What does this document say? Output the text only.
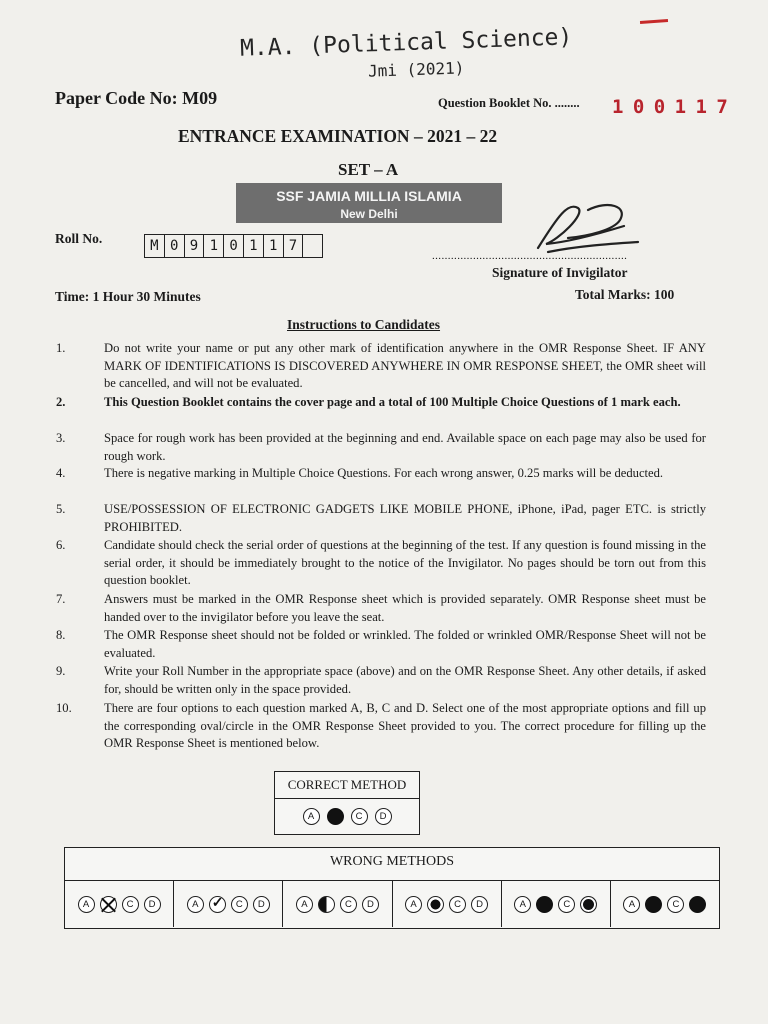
M.A. (Political Science)
Jmi (2021)
Paper Code No: M09	Question Booklet No. ........ 1 0 0 1 1 7
ENTRANCE EXAMINATION – 2021 – 22
SET – A
SSF JAMIA MILLIA ISLAMIA
New Delhi
Roll No.	M 0 9 1 0 1 1 7
..............................................................
Signature of Invigilator
Time: 1 Hour 30 Minutes	Total Marks: 100
Instructions to Candidates
1.	Do not write your name or put any other mark of identification anywhere in the OMR Response Sheet. IF ANY MARK OF IDENTIFICATIONS IS DISCOVERED ANYWHERE IN OMR RESPONSE SHEET, the OMR sheet will be cancelled, and will not be evaluated.
2.	This Question Booklet contains the cover page and a total of 100 Multiple Choice Questions of 1 mark each.
3.	Space for rough work has been provided at the beginning and end. Available space on each page may also be used for rough work.
4.	There is negative marking in Multiple Choice Questions. For each wrong answer, 0.25 marks will be deducted.
5.	USE/POSSESSION OF ELECTRONIC GADGETS LIKE MOBILE PHONE, iPhone, iPad, pager ETC. is strictly PROHIBITED.
6.	Candidate should check the serial order of questions at the beginning of the test. If any question is found missing in the serial order, it should be immediately brought to the notice of the Invigilator. No pages should be torn out from this question booklet.
7.	Answers must be marked in the OMR Response sheet which is provided separately. OMR Response sheet must be handed over to the invigilator before you leave the seat.
8.	The OMR Response sheet should not be folded or wrinkled. The folded or wrinkled OMR/Response Sheet will not be evaluated.
9.	Write your Roll Number in the appropriate space (above) and on the OMR Response Sheet. Any other details, if asked for, should be written only in the space provided.
10.	There are four options to each question marked A, B, C and D. Select one of the most appropriate options and fill up the corresponding oval/circle in the OMR Response Sheet provided to you. The correct procedure for filling up the OMR Response Sheet is mentioned below.
CORRECT METHOD
A	C	D
WRONG METHODS
A	C	D	A
✓	C	D	A	C	D	A	C	D	A	C	A	C
